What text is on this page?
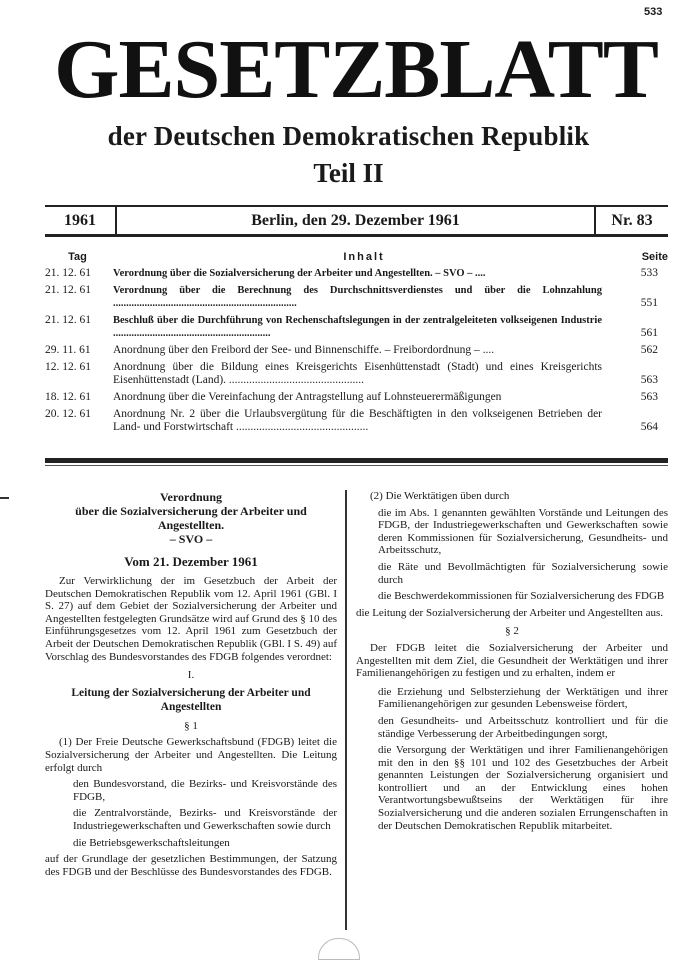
533
GESETZBLATT
der Deutschen Demokratischen Republik
Teil II
1961	Berlin, den 29. Dezember 1961	Nr. 83
Tag	Inhalt	Seite
21. 12. 61	Verordnung über die Sozialversicherung der Arbeiter und Angestellten. – SVO – ....	533
21. 12. 61	Verordnung über die Berechnung des Durchschnittsverdienstes und über die Lohnzahlung ......................................................................	551
21. 12. 61	Beschluß über die Durchführung von Rechenschaftslegungen in der zentralgeleiteten volkseigenen Industrie ............................................................	561
29. 11. 61	Anordnung über den Freibord der See- und Binnenschiffe. – Freibordordnung – ....	562
12. 12. 61	Anordnung über die Bildung eines Kreisgerichts Eisenhüttenstadt (Stadt) und eines Kreisgerichts Eisenhüttenstadt (Land). ...............................................	563
18. 12. 61	Anordnung über die Vereinfachung der Antragstellung auf Lohnsteuerermäßigungen	563
20. 12. 61	Anordnung Nr. 2 über die Urlaubsvergütung für die Beschäftigten in den volkseigenen Betrieben der Land- und Forstwirtschaft ..............................................	564
Verordnung
über die Sozialversicherung der Arbeiter und Angestellten.
– SVO –

Vom 21. Dezember 1961

Zur Verwirklichung der im Gesetzbuch der Arbeit der Deutschen Demokratischen Republik vom 12. April 1961 (GBl. I S. 27) auf dem Gebiet der Sozialversicherung der Arbeiter und Angestellten festgelegten Grundsätze wird auf Grund des § 10 des Einführungsgesetzes vom 12. April 1961 zum Gesetzbuch der Arbeit der Deutschen Demokratischen Republik (GBl. I S. 49) auf Vorschlag des Bundesvorstandes des FDGB folgendes verordnet:

I.

Leitung der Sozialversicherung der Arbeiter und Angestellten

§ 1

(1) Der Freie Deutsche Gewerkschaftsbund (FDGB) leitet die Sozialversicherung der Arbeiter und Angestellten. Die Leitung erfolgt durch

den Bundesvorstand, die Bezirks- und Kreisvorstände des FDGB,

die Zentralvorstände, Bezirks- und Kreisvorstände der Industriegewerkschaften und Gewerkschaften sowie durch

die Betriebsgewerkschaftsleitungen

auf der Grundlage der gesetzlichen Bestimmungen, der Satzung des FDGB und der Beschlüsse des Bundesvorstandes des FDGB.

(2) Die Werktätigen üben durch

die im Abs. 1 genannten gewählten Vorstände und Leitungen des FDGB, der Industriegewerkschaften und Gewerkschaften sowie deren Kommissionen für Sozialversicherung, Gesundheits- und Arbeitsschutz,

die Räte und Bevollmächtigten für Sozialversicherung sowie durch

die Beschwerdekommissionen für Sozialversicherung des FDGB

die Leitung der Sozialversicherung der Arbeiter und Angestellten aus.

§ 2

Der FDGB leitet die Sozialversicherung der Arbeiter und Angestellten mit dem Ziel, die Gesundheit der Werktätigen und ihrer Familienangehörigen zu festigen und zu erhalten, indem er

die Erziehung und Selbsterziehung der Werktätigen und ihrer Familienangehörigen zur gesunden Lebensweise fördert,

den Gesundheits- und Arbeitsschutz kontrolliert und für die ständige Verbesserung der Arbeitbedingungen sorgt,

die Versorgung der Werktätigen und ihrer Familienangehörigen mit den in den §§ 101 und 102 des Gesetzbuches der Arbeit genannten Leistungen der Sozialversicherung organisiert und kontrolliert und an der Entwicklung eines hohen Verantwortungsbewußtseins der Werktätigen für ihre Sozialversicherung und die anderen sozialen Errungenschaften in der Deutschen Demokratischen Republik mitarbeitet.
